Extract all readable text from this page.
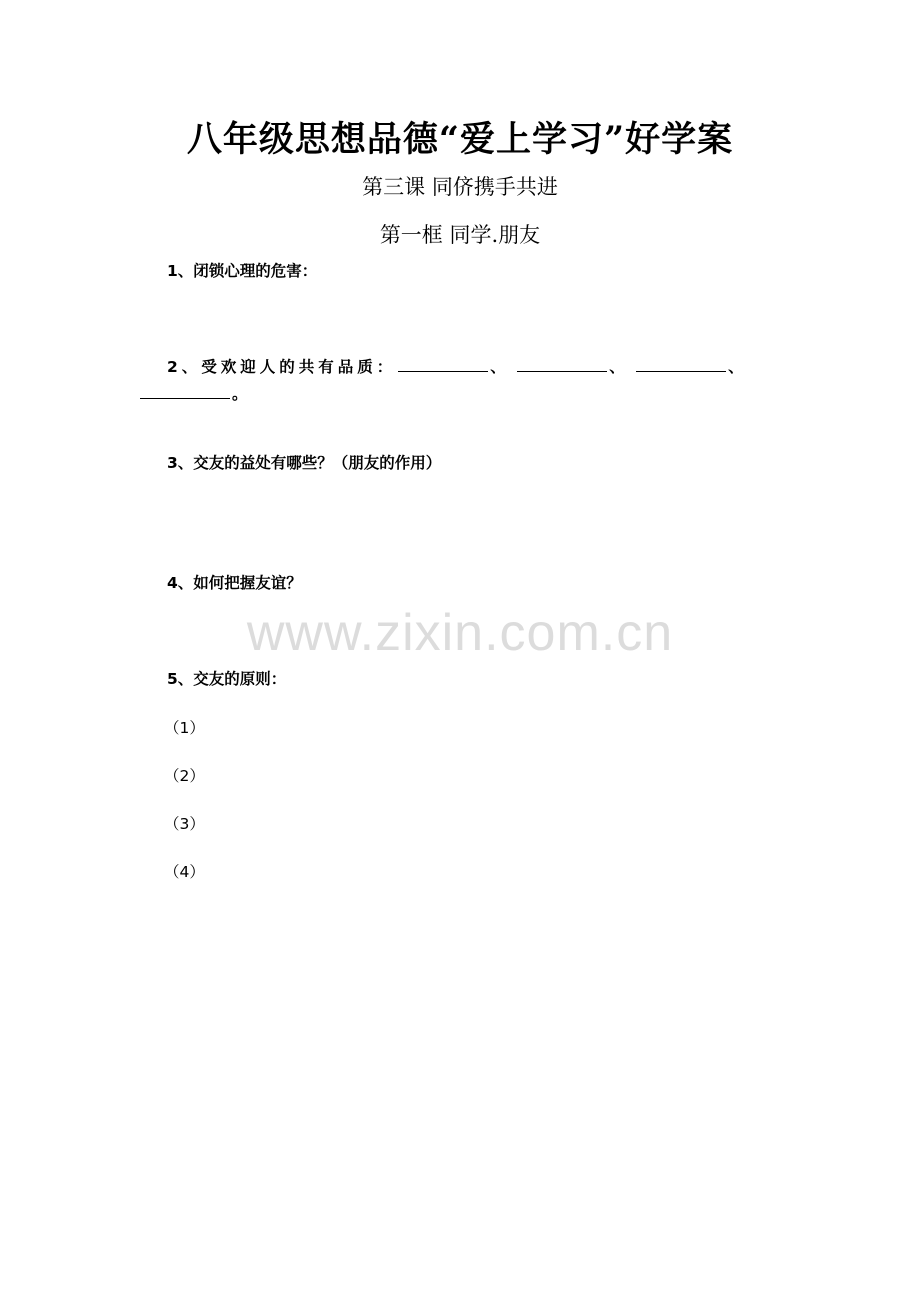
八年级思想品德“爱上学习”好学案
第三课 同侪携手共进
第一框 同学.朋友
1、闭锁心理的危害：
2、受欢迎人的共有品质：	、	、	、
。
3、交友的益处有哪些？（朋友的作用）
4、如何把握友谊？
www.zixin.com.cn
5、交友的原则：
（1）
（2）
（3）
（4）
